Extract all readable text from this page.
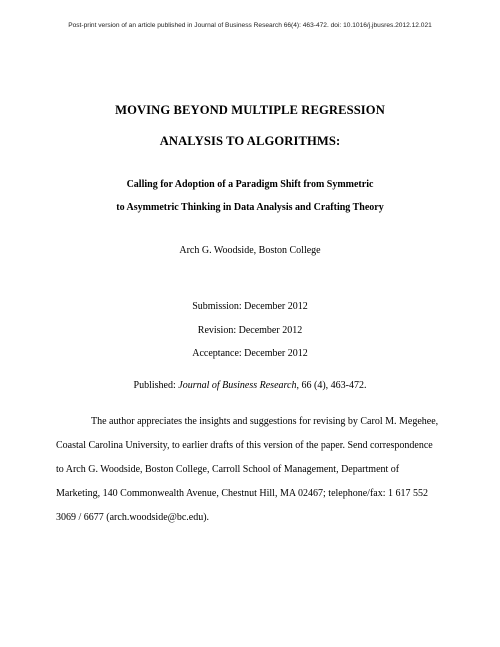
Post-print version of an article published in Journal of Business Research 66(4): 463-472. doi: 10.1016/j.jbusres.2012.12.021
MOVING BEYOND MULTIPLE REGRESSION
ANALYSIS TO ALGORITHMS:
Calling for Adoption of a Paradigm Shift from Symmetric
to Asymmetric Thinking in Data Analysis and Crafting Theory
Arch G. Woodside, Boston College
Submission: December 2012
Revision: December 2012
Acceptance: December 2012
Published: Journal of Business Research, 66 (4), 463-472.
The author appreciates the insights and suggestions for revising by Carol M. Megehee,
Coastal Carolina University, to earlier drafts of this version of the paper. Send correspondence
to Arch G. Woodside, Boston College, Carroll School of Management, Department of
Marketing, 140 Commonwealth Avenue, Chestnut Hill, MA 02467; telephone/fax: 1 617 552
3069 / 6677 (arch.woodside@bc.edu).
